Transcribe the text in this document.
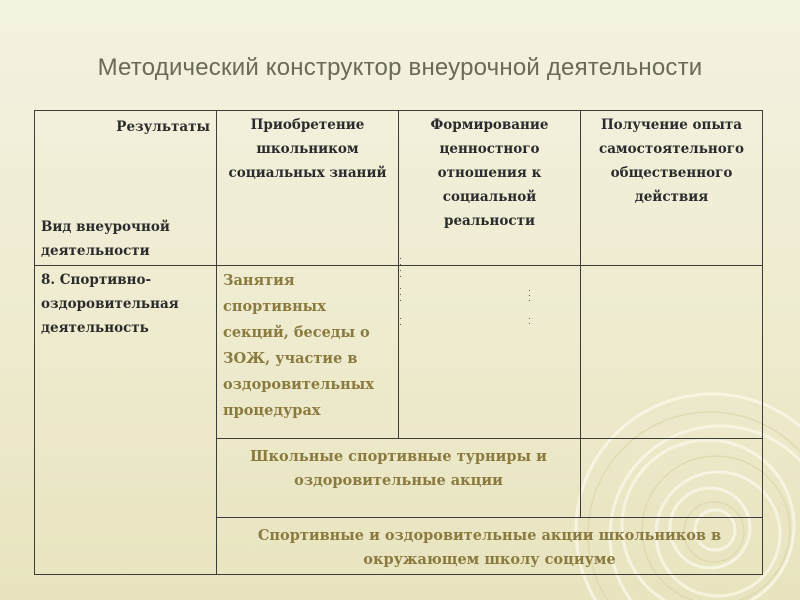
Методический конструктор внеурочной деятельности
Результаты
Вид внеурочной деятельности	Приобретение школьником социальных знаний	Формирование ценностного отношения к социальной реальности	Получение опыта самостоятельного общественного действия
8. Спортивно-оздоровительная деятельность	Занятия спортивных секций, беседы о ЗОЖ, участие в оздоровительных процедурах		
	Школьные спортивные турниры и оздоровительные акции		
	Спортивные и оздоровительные акции школьников в окружающем школу социуме		
